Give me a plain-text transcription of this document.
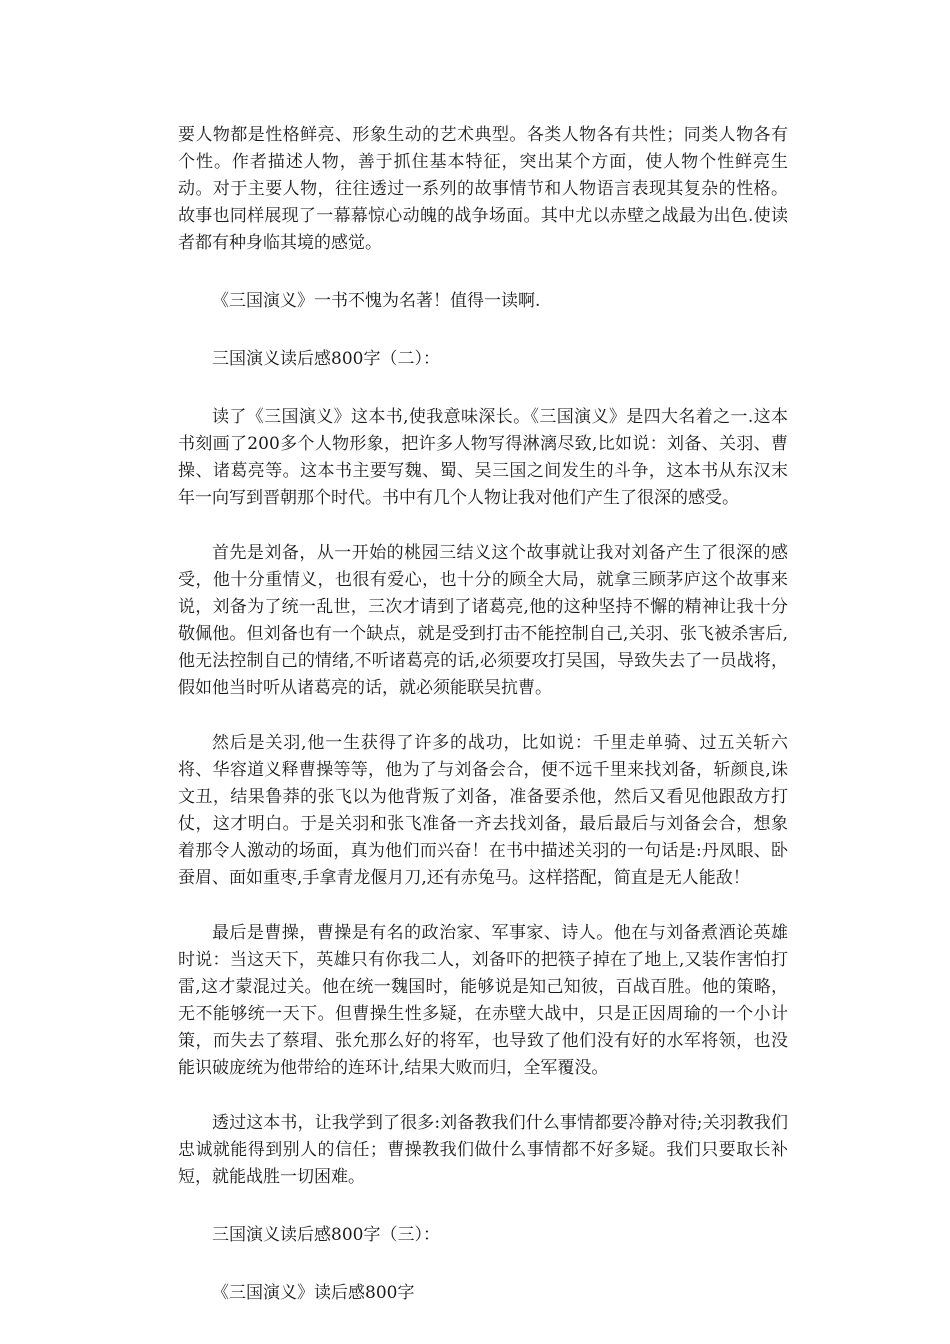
要人物都是性格鲜亮、形象生动的艺术典型。各类人物各有共性；同类人物各有个性。作者描述人物，善于抓住基本特征，突出某个方面，使人物个性鲜亮生动。对于主要人物，往往透过一系列的故事情节和人物语言表现其复杂的性格。故事也同样展现了一幕幕惊心动魄的战争场面。其中尤以赤壁之战最为出色.使读者都有种身临其境的感觉。

《三国演义》一书不愧为名著！值得一读啊.

三国演义读后感800字（二）：

读了《三国演义》这本书,使我意味深长。《三国演义》是四大名着之一.这本书刻画了200多个人物形象，把许多人物写得淋漓尽致,比如说：刘备、关羽、曹操、诸葛亮等。这本书主要写魏、蜀、吴三国之间发生的斗争，这本书从东汉末年一向写到晋朝那个时代。书中有几个人物让我对他们产生了很深的感受。

首先是刘备，从一开始的桃园三结义这个故事就让我对刘备产生了很深的感受，他十分重情义，也很有爱心，也十分的顾全大局，就拿三顾茅庐这个故事来说，刘备为了统一乱世，三次才请到了诸葛亮,他的这种坚持不懈的精神让我十分敬佩他。但刘备也有一个缺点，就是受到打击不能控制自己,关羽、张飞被杀害后,他无法控制自己的情绪,不听诸葛亮的话,必须要攻打吴国，导致失去了一员战将，假如他当时听从诸葛亮的话，就必须能联吴抗曹。

然后是关羽,他一生获得了许多的战功，比如说：千里走单骑、过五关斩六将、华容道义释曹操等等，他为了与刘备会合，便不远千里来找刘备，斩颜良,诛文丑，结果鲁莽的张飞以为他背叛了刘备，准备要杀他，然后又看见他跟敌方打仗，这才明白。于是关羽和张飞准备一齐去找刘备，最后最后与刘备会合，想象着那令人激动的场面，真为他们而兴奋！在书中描述关羽的一句话是:丹凤眼、卧蚕眉、面如重枣,手拿青龙偃月刀,还有赤兔马。这样搭配，简直是无人能敌！

最后是曹操，曹操是有名的政治家、军事家、诗人。他在与刘备煮酒论英雄时说：当这天下，英雄只有你我二人，刘备吓的把筷子掉在了地上,又装作害怕打雷,这才蒙混过关。他在统一魏国时，能够说是知己知彼，百战百胜。他的策略，无不能够统一天下。但曹操生性多疑，在赤壁大战中，只是正因周瑜的一个小计策，而失去了蔡瑁、张允那么好的将军，也导致了他们没有好的水军将领，也没能识破庞统为他带给的连环计,结果大败而归，全军覆没。

透过这本书，让我学到了很多:刘备教我们什么事情都要冷静对待;关羽教我们忠诚就能得到别人的信任；曹操教我们做什么事情都不好多疑。我们只要取长补短，就能战胜一切困难。

三国演义读后感800字（三）：

《三国演义》读后感800字
